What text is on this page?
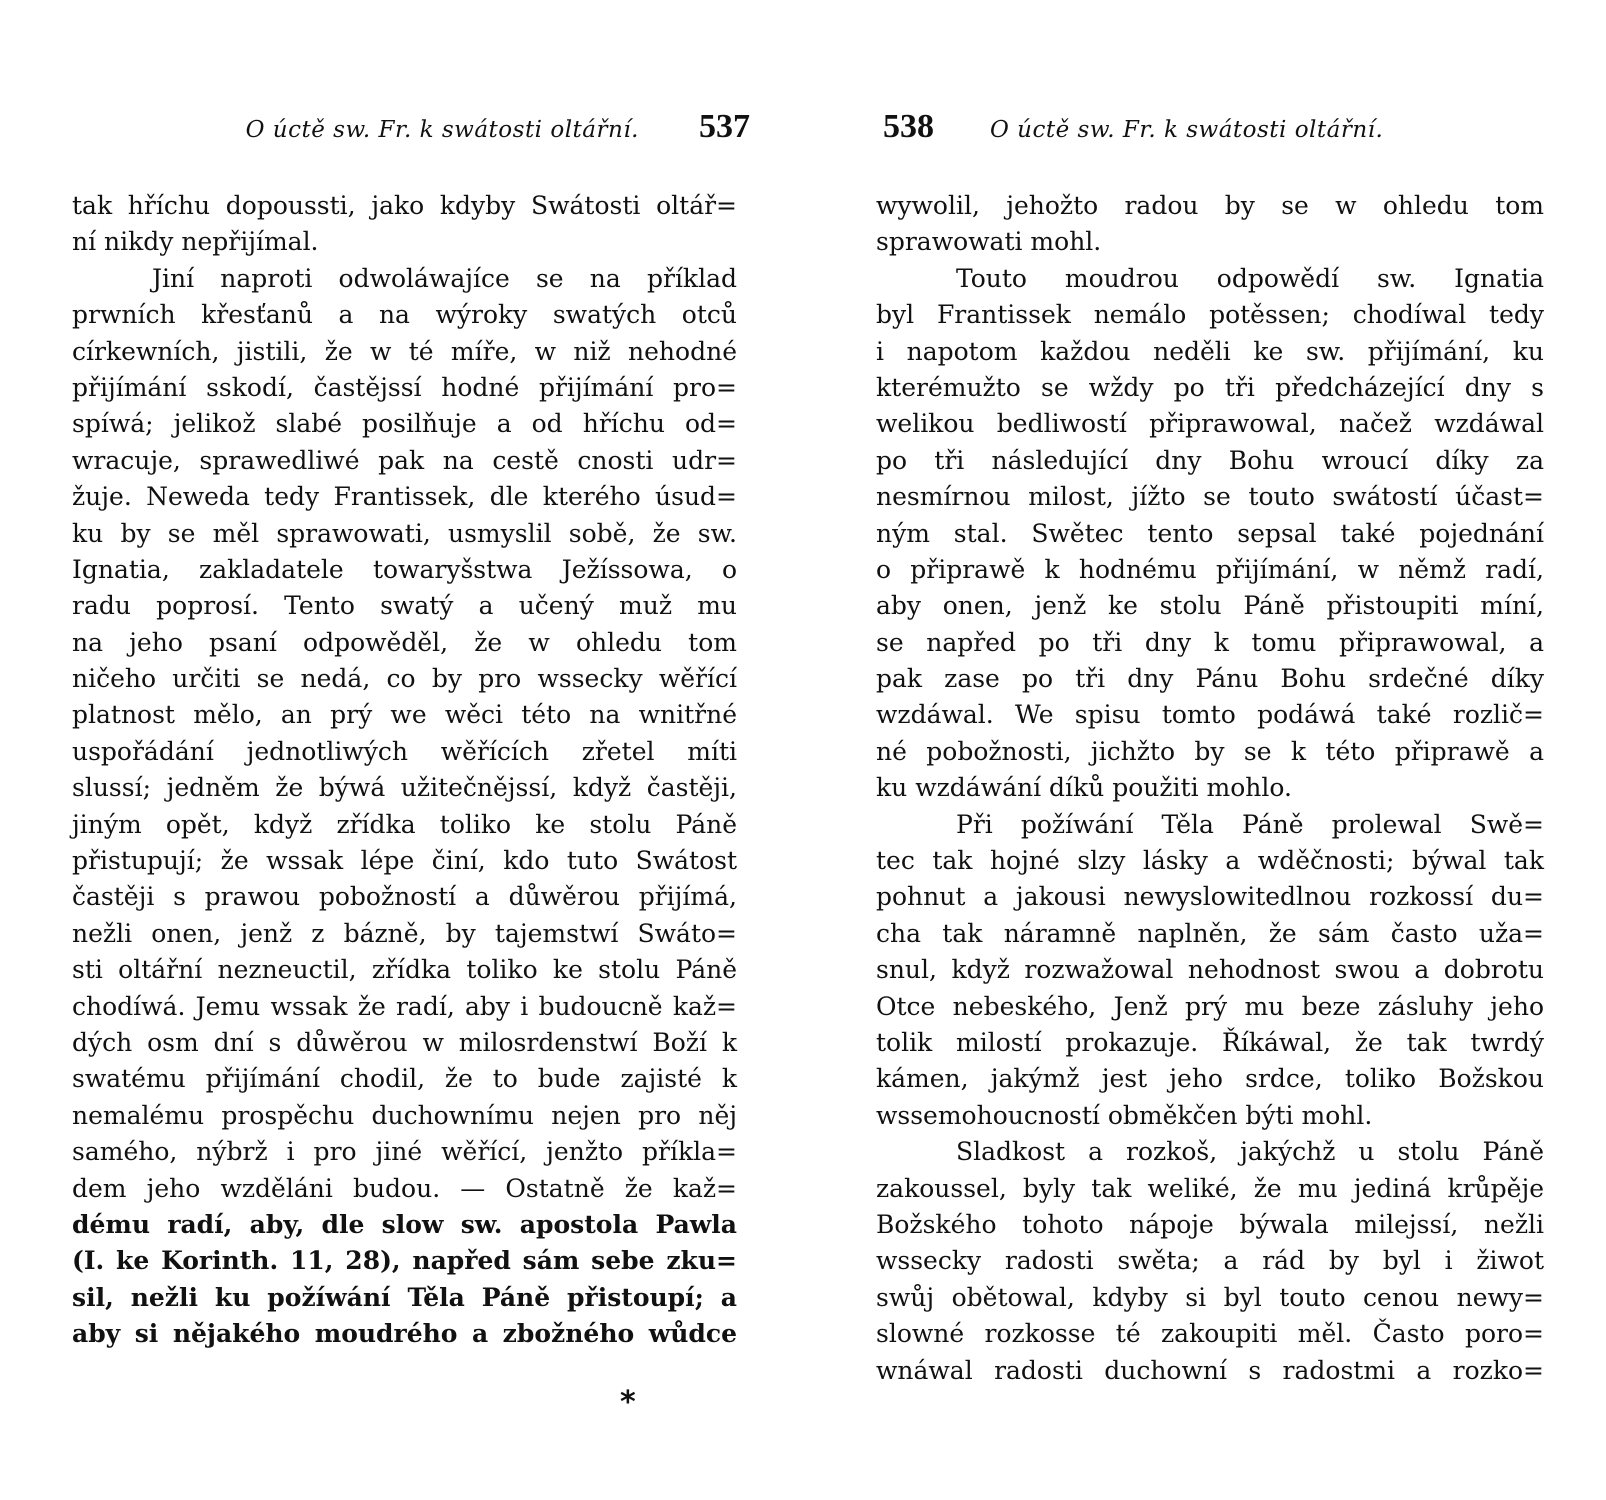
O úctě sw. Fr. k swátosti oltářní. 537
tak hříchu dopoussti, jako kdyby Swátosti oltář=
ní nikdy nepřijímal.
Jiní naproti odwoláwajíce se na příklad
prwních křesťanů a na wýroky swatých otců
církewních, jistili, že w té míře, w niž nehodné
přijímání sskodí, častějssí hodné přijímání pro=
spíwá; jelikož slabé posilňuje a od hříchu od=
wracuje, sprawedliwé pak na cestě cnosti udr=
žuje. Neweda tedy Frantissek, dle kterého úsud=
ku by se měl sprawowati, usmyslil sobě, že sw.
Ignatia, zakladatele towaryšstwa Ježíssowa, o
radu poprosí. Tento swatý a učený muž mu
na jeho psaní odpowěděl, že w ohledu tom
ničeho určiti se nedá, co by pro wssecky wěřící
platnost mělo, an prý we wěci této na wnitřné
uspořádání jednotliwých wěřících zřetel míti
slussí; jedněm že býwá užitečnějssí, když častěji,
jiným opět, když zřídka toliko ke stolu Páně
přistupují; že wssak lépe činí, kdo tuto Swátost
častěji s prawou pobožností a důwěrou přijímá,
nežli onen, jenž z bázně, by tajemstwí Swáto=
sti oltářní nezneuctil, zřídka toliko ke stolu Páně
chodíwá. Jemu wssak že radí, aby i budoucně kaž=
dých osm dní s důwěrou w milosrdenstwí Boží k
swatému přijímání chodil, že to bude zajisté k
nemalému prospěchu duchownímu nejen pro něj
samého, nýbrž i pro jiné wěřící, jenžto příkla=
dem jeho wzděláni budou. — Ostatně že kaž=
dému radí, aby, dle slow sw. apostola Pawla
(I. ke Korinth. 11, 28), napřed sám sebe zku=
sil, nežli ku požíwání Těla Páně přistoupí; a
aby si nějakého moudrého a zbožného wůdce
*
538 O úctě sw. Fr. k swátosti oltářní.
wywolil, jehožto radou by se w ohledu tom
sprawowati mohl.
Touto moudrou odpowědí sw. Ignatia
byl Frantissek nemálo potěssen; chodíwal tedy
i napotom každou neděli ke sw. přijímání, ku
kterémužto se wždy po tři předcházející dny s
welikou bedliwostí připrawowal, načež wzdáwal
po tři následující dny Bohu wroucí díky za
nesmírnou milost, jížto se touto swátostí účast=
ným stal. Swětec tento sepsal také pojednání
o připrawě k hodnému přijímání, w němž radí,
aby onen, jenž ke stolu Páně přistoupiti míní,
se napřed po tři dny k tomu připrawowal, a
pak zase po tři dny Pánu Bohu srdečné díky
wzdáwal. We spisu tomto podáwá také rozlič=
né pobožnosti, jichžto by se k této připrawě a
ku wzdáwání díků použiti mohlo.
Při požíwání Těla Páně prolewal Swě=
tec tak hojné slzy lásky a wděčnosti; býwal tak
pohnut a jakousi newyslowitedlnou rozkossí du=
cha tak náramně naplněn, že sám často uža=
snul, když rozwažowal nehodnost swou a dobrotu
Otce nebeského, Jenž prý mu beze zásluhy jeho
tolik milostí prokazuje. Říkáwal, že tak twrdý
kámen, jakýmž jest jeho srdce, toliko Božskou
wssemohoucností obměkčen býti mohl.
Sladkost a rozkoš, jakýchž u stolu Páně
zakoussel, byly tak weliké, že mu jediná krůpěje
Božského tohoto nápoje býwala milejssí, nežli
wssecky radosti swěta; a rád by byl i žiwot
swůj obětowal, kdyby si byl touto cenou newy=
slowné rozkosse té zakoupiti měl. Často poro=
wnáwal radosti duchowní s radostmi a rozko=
